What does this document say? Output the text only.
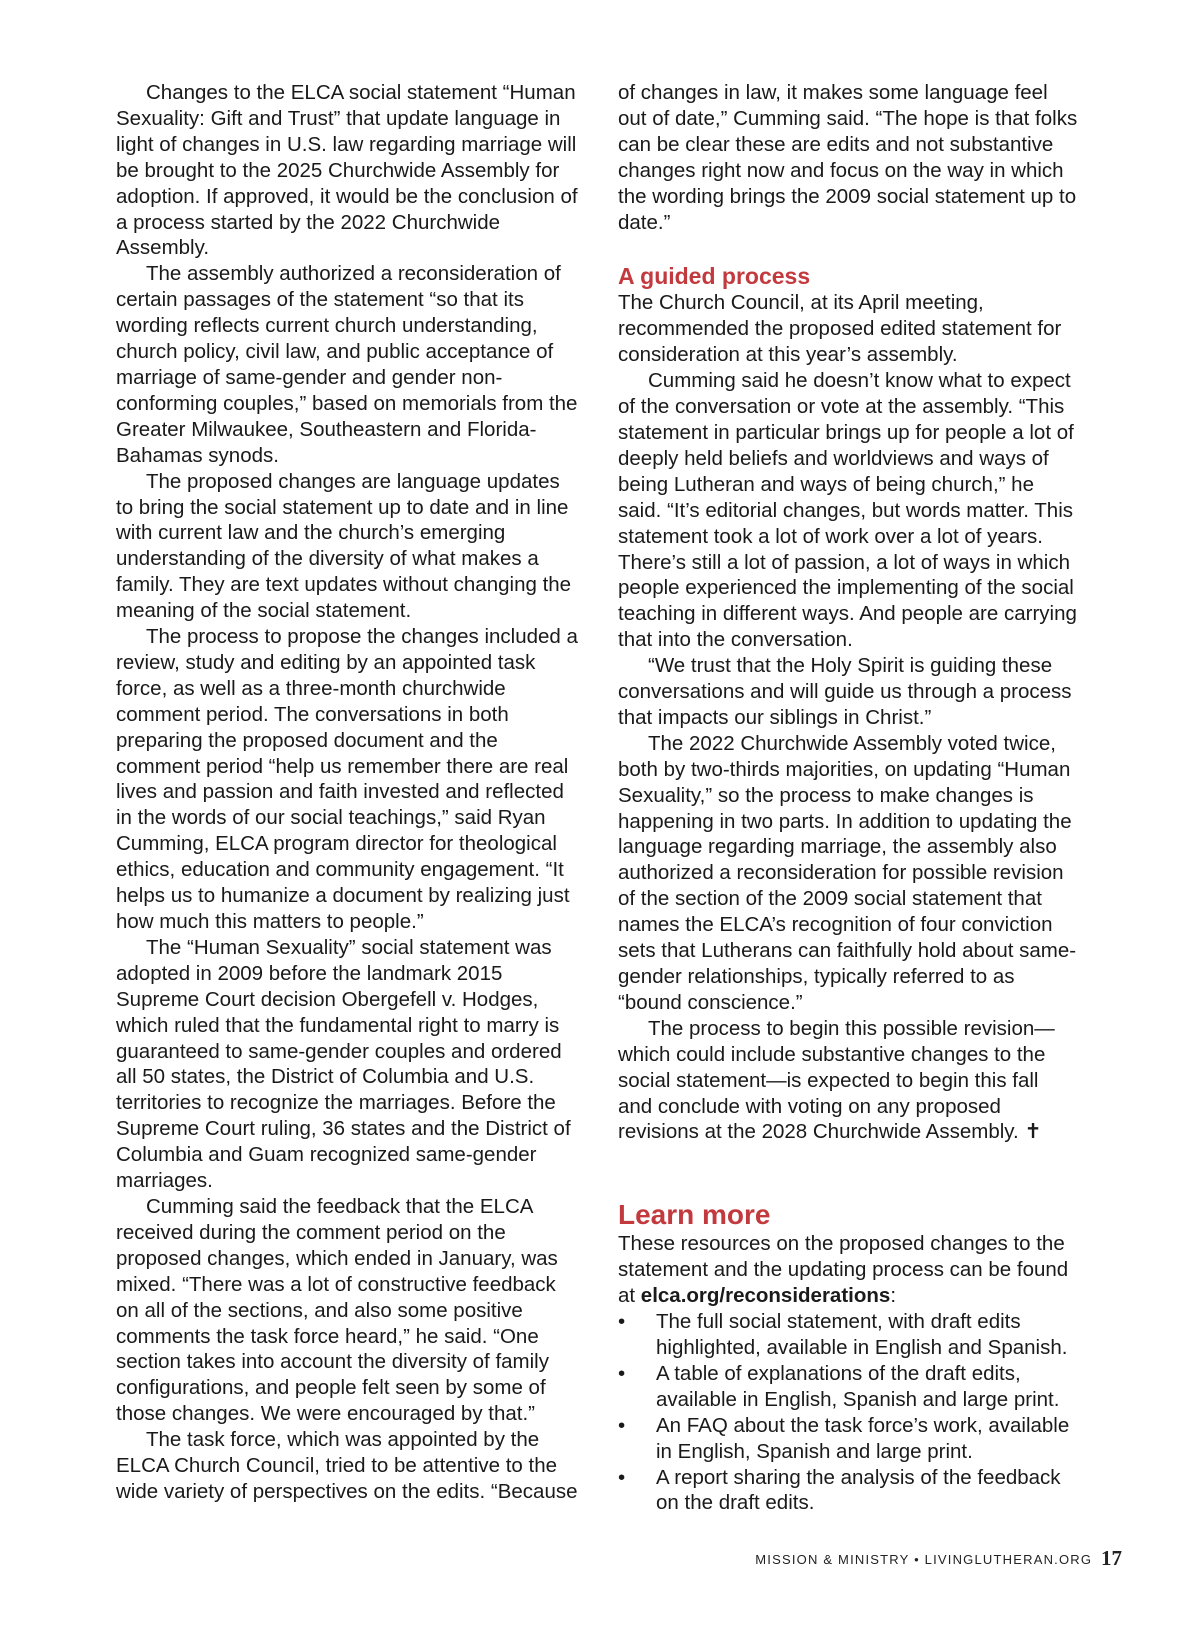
Changes to the ELCA social statement “Human Sexuality: Gift and Trust” that update language in light of changes in U.S. law regarding marriage will be brought to the 2025 Churchwide Assembly for adoption. If approved, it would be the conclusion of a process started by the 2022 Churchwide Assembly.

The assembly authorized a reconsideration of certain passages of the statement “so that its wording reflects current church understanding, church policy, civil law, and public acceptance of marriage of same-gender and gender non-conforming couples,” based on memorials from the Greater Milwaukee, Southeastern and Florida-Bahamas synods.

The proposed changes are language updates to bring the social statement up to date and in line with current law and the church’s emerging understanding of the diversity of what makes a family. They are text updates without changing the meaning of the social statement.

The process to propose the changes included a review, study and editing by an appointed task force, as well as a three-month churchwide comment period. The conversations in both preparing the proposed document and the comment period “help us remember there are real lives and passion and faith invested and reflected in the words of our social teachings,” said Ryan Cumming, ELCA program director for theological ethics, education and community engagement. “It helps us to humanize a document by realizing just how much this matters to people.”

The “Human Sexuality” social statement was adopted in 2009 before the landmark 2015 Supreme Court decision Obergefell v. Hodges, which ruled that the fundamental right to marry is guaranteed to same-gender couples and ordered all 50 states, the District of Columbia and U.S. territories to recognize the marriages. Before the Supreme Court ruling, 36 states and the District of Columbia and Guam recognized same-gender marriages.

Cumming said the feedback that the ELCA received during the comment period on the proposed changes, which ended in January, was mixed. “There was a lot of constructive feedback on all of the sections, and also some positive comments the task force heard,” he said. “One section takes into account the diversity of family configurations, and people felt seen by some of those changes. We were encouraged by that.”

The task force, which was appointed by the ELCA Church Council, tried to be attentive to the wide variety of perspectives on the edits. “Because

of changes in law, it makes some language feel out of date,” Cumming said. “The hope is that folks can be clear these are edits and not substantive changes right now and focus on the way in which the wording brings the 2009 social statement up to date.”

A guided process

The Church Council, at its April meeting, recommended the proposed edited statement for consideration at this year’s assembly.

Cumming said he doesn’t know what to expect of the conversation or vote at the assembly. “This statement in particular brings up for people a lot of deeply held beliefs and worldviews and ways of being Lutheran and ways of being church,” he said. “It’s editorial changes, but words matter. This statement took a lot of work over a lot of years. There’s still a lot of passion, a lot of ways in which people experienced the implementing of the social teaching in different ways. And people are carrying that into the conversation.

“We trust that the Holy Spirit is guiding these conversations and will guide us through a process that impacts our siblings in Christ.”

The 2022 Churchwide Assembly voted twice, both by two-thirds majorities, on updating “Human Sexuality,” so the process to make changes is happening in two parts. In addition to updating the language regarding marriage, the assembly also authorized a reconsideration for possible revision of the section of the 2009 social statement that names the ELCA’s recognition of four conviction sets that Lutherans can faithfully hold about same-gender relationships, typically referred to as “bound conscience.”

The process to begin this possible revision—which could include substantive changes to the social statement—is expected to begin this fall and conclude with voting on any proposed revisions at the 2028 Churchwide Assembly. ✝

Learn more

These resources on the proposed changes to the statement and the updating process can be found at elca.org/reconsiderations:

• The full social statement, with draft edits highlighted, available in English and Spanish.
• A table of explanations of the draft edits, available in English, Spanish and large print.
• An FAQ about the task force’s work, available in English, Spanish and large print.
• A report sharing the analysis of the feedback on the draft edits.
MISSION & MINISTRY • LIVINGLUTHERAN.ORG 17
